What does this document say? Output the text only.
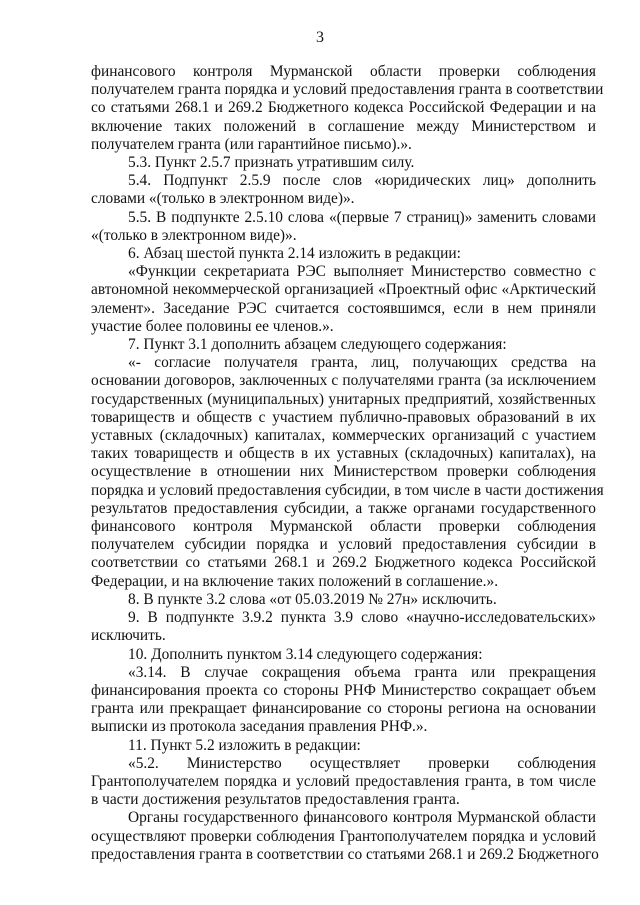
3

финансового контроля Мурманской области проверки соблюдения
получателем гранта порядка и условий предоставления гранта в соответствии
со статьями 268.1 и 269.2 Бюджетного кодекса Российской Федерации и на
включение таких положений в соглашение между Министерством и
получателем гранта (или гарантийное письмо).».

5.3. Пункт 2.5.7 признать утратившим силу.

5.4. Подпункт 2.5.9 после слов «юридических лиц» дополнить
словами «(только в электронном виде)».

5.5. В подпункте 2.5.10 слова «(первые 7 страниц)» заменить словами
«(только в электронном виде)».

6. Абзац шестой пункта 2.14 изложить в редакции:

«Функции секретариата РЭС выполняет Министерство совместно с
автономной некоммерческой организацией «Проектный офис «Арктический
элемент». Заседание РЭС считается состоявшимся, если в нем приняли
участие более половины ее членов.».

7. Пункт 3.1 дополнить абзацем следующего содержания:

«- согласие получателя гранта, лиц, получающих средства на
основании договоров, заключенных с получателями гранта (за исключением
государственных (муниципальных) унитарных предприятий, хозяйственных
товариществ и обществ с участием публично-правовых образований в их
уставных (складочных) капиталах, коммерческих организаций с участием
таких товариществ и обществ в их уставных (складочных) капиталах), на
осуществление в отношении них Министерством проверки соблюдения
порядка и условий предоставления субсидии, в том числе в части достижения
результатов предоставления субсидии, а также органами государственного
финансового контроля Мурманской области проверки соблюдения
получателем субсидии порядка и условий предоставления субсидии в
соответствии со статьями 268.1 и 269.2 Бюджетного кодекса Российской
Федерации, и на включение таких положений в соглашение.».

8. В пункте 3.2 слова «от 05.03.2019 № 27н» исключить.

9. В подпункте 3.9.2 пункта 3.9 слово «научно-исследовательских»
исключить.

10. Дополнить пунктом 3.14 следующего содержания:

«3.14. В случае сокращения объема гранта или прекращения
финансирования проекта со стороны РНФ Министерство сокращает объем
гранта или прекращает финансирование со стороны региона на основании
выписки из протокола заседания правления РНФ.».

11. Пункт 5.2 изложить в редакции:

«5.2. Министерство осуществляет проверки соблюдения
Грантополучателем порядка и условий предоставления гранта, в том числе
в части достижения результатов предоставления гранта.

Органы государственного финансового контроля Мурманской области
осуществляют проверки соблюдения Грантополучателем порядка и условий
предоставления гранта в соответствии со статьями 268.1 и 269.2 Бюджетного
